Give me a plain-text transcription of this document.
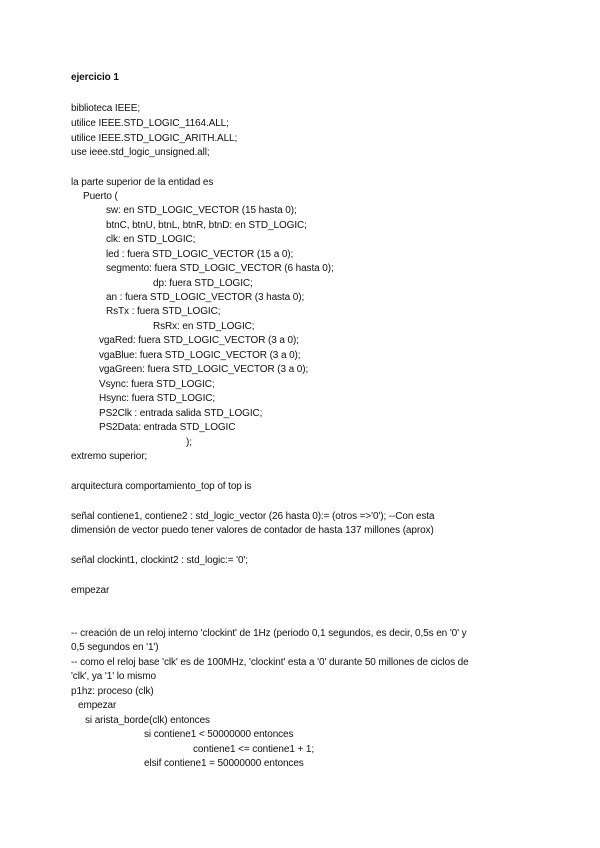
ejercicio 1
biblioteca IEEE;
utilice IEEE.STD_LOGIC_1164.ALL;
utilice IEEE.STD_LOGIC_ARITH.ALL;
use ieee.std_logic_unsigned.all;
la parte superior de la entidad es
Puerto (
sw: en STD_LOGIC_VECTOR (15 hasta 0);
btnC, btnU, btnL, btnR, btnD: en STD_LOGIC;
clk: en STD_LOGIC;
led : fuera STD_LOGIC_VECTOR (15 a 0);
segmento: fuera STD_LOGIC_VECTOR (6 hasta 0);
dp: fuera STD_LOGIC;
an : fuera STD_LOGIC_VECTOR (3 hasta 0);
RsTx : fuera STD_LOGIC;
RsRx: en STD_LOGIC;
vgaRed: fuera STD_LOGIC_VECTOR (3 a 0);
vgaBlue: fuera STD_LOGIC_VECTOR (3 a 0);
vgaGreen: fuera STD_LOGIC_VECTOR (3 a 0);
Vsync: fuera STD_LOGIC;
Hsync: fuera STD_LOGIC;
PS2Clk : entrada salida STD_LOGIC;
PS2Data: entrada STD_LOGIC
);
extremo superior;
arquitectura comportamiento_top of top is
señal contiene1, contiene2 : std_logic_vector (26 hasta 0):= (otros =>'0'); --Con esta
dimensión de vector puedo tener valores de contador de hasta 137 millones (aprox)
señal clockint1, clockint2 : std_logic:= '0';
empezar
-- creación de un reloj interno 'clockint' de 1Hz (periodo 0,1 segundos, es decir, 0,5s en '0' y
0,5 segundos en '1')
-- como el reloj base 'clk' es de 100MHz, 'clockint' esta a '0' durante 50 millones de ciclos de
'clk', ya '1' lo mismo
p1hz: proceso (clk)
empezar
si arista_borde(clk) entonces
si contiene1 < 50000000 entonces
contiene1 <= contiene1 + 1;
elsif contiene1 = 50000000 entonces
